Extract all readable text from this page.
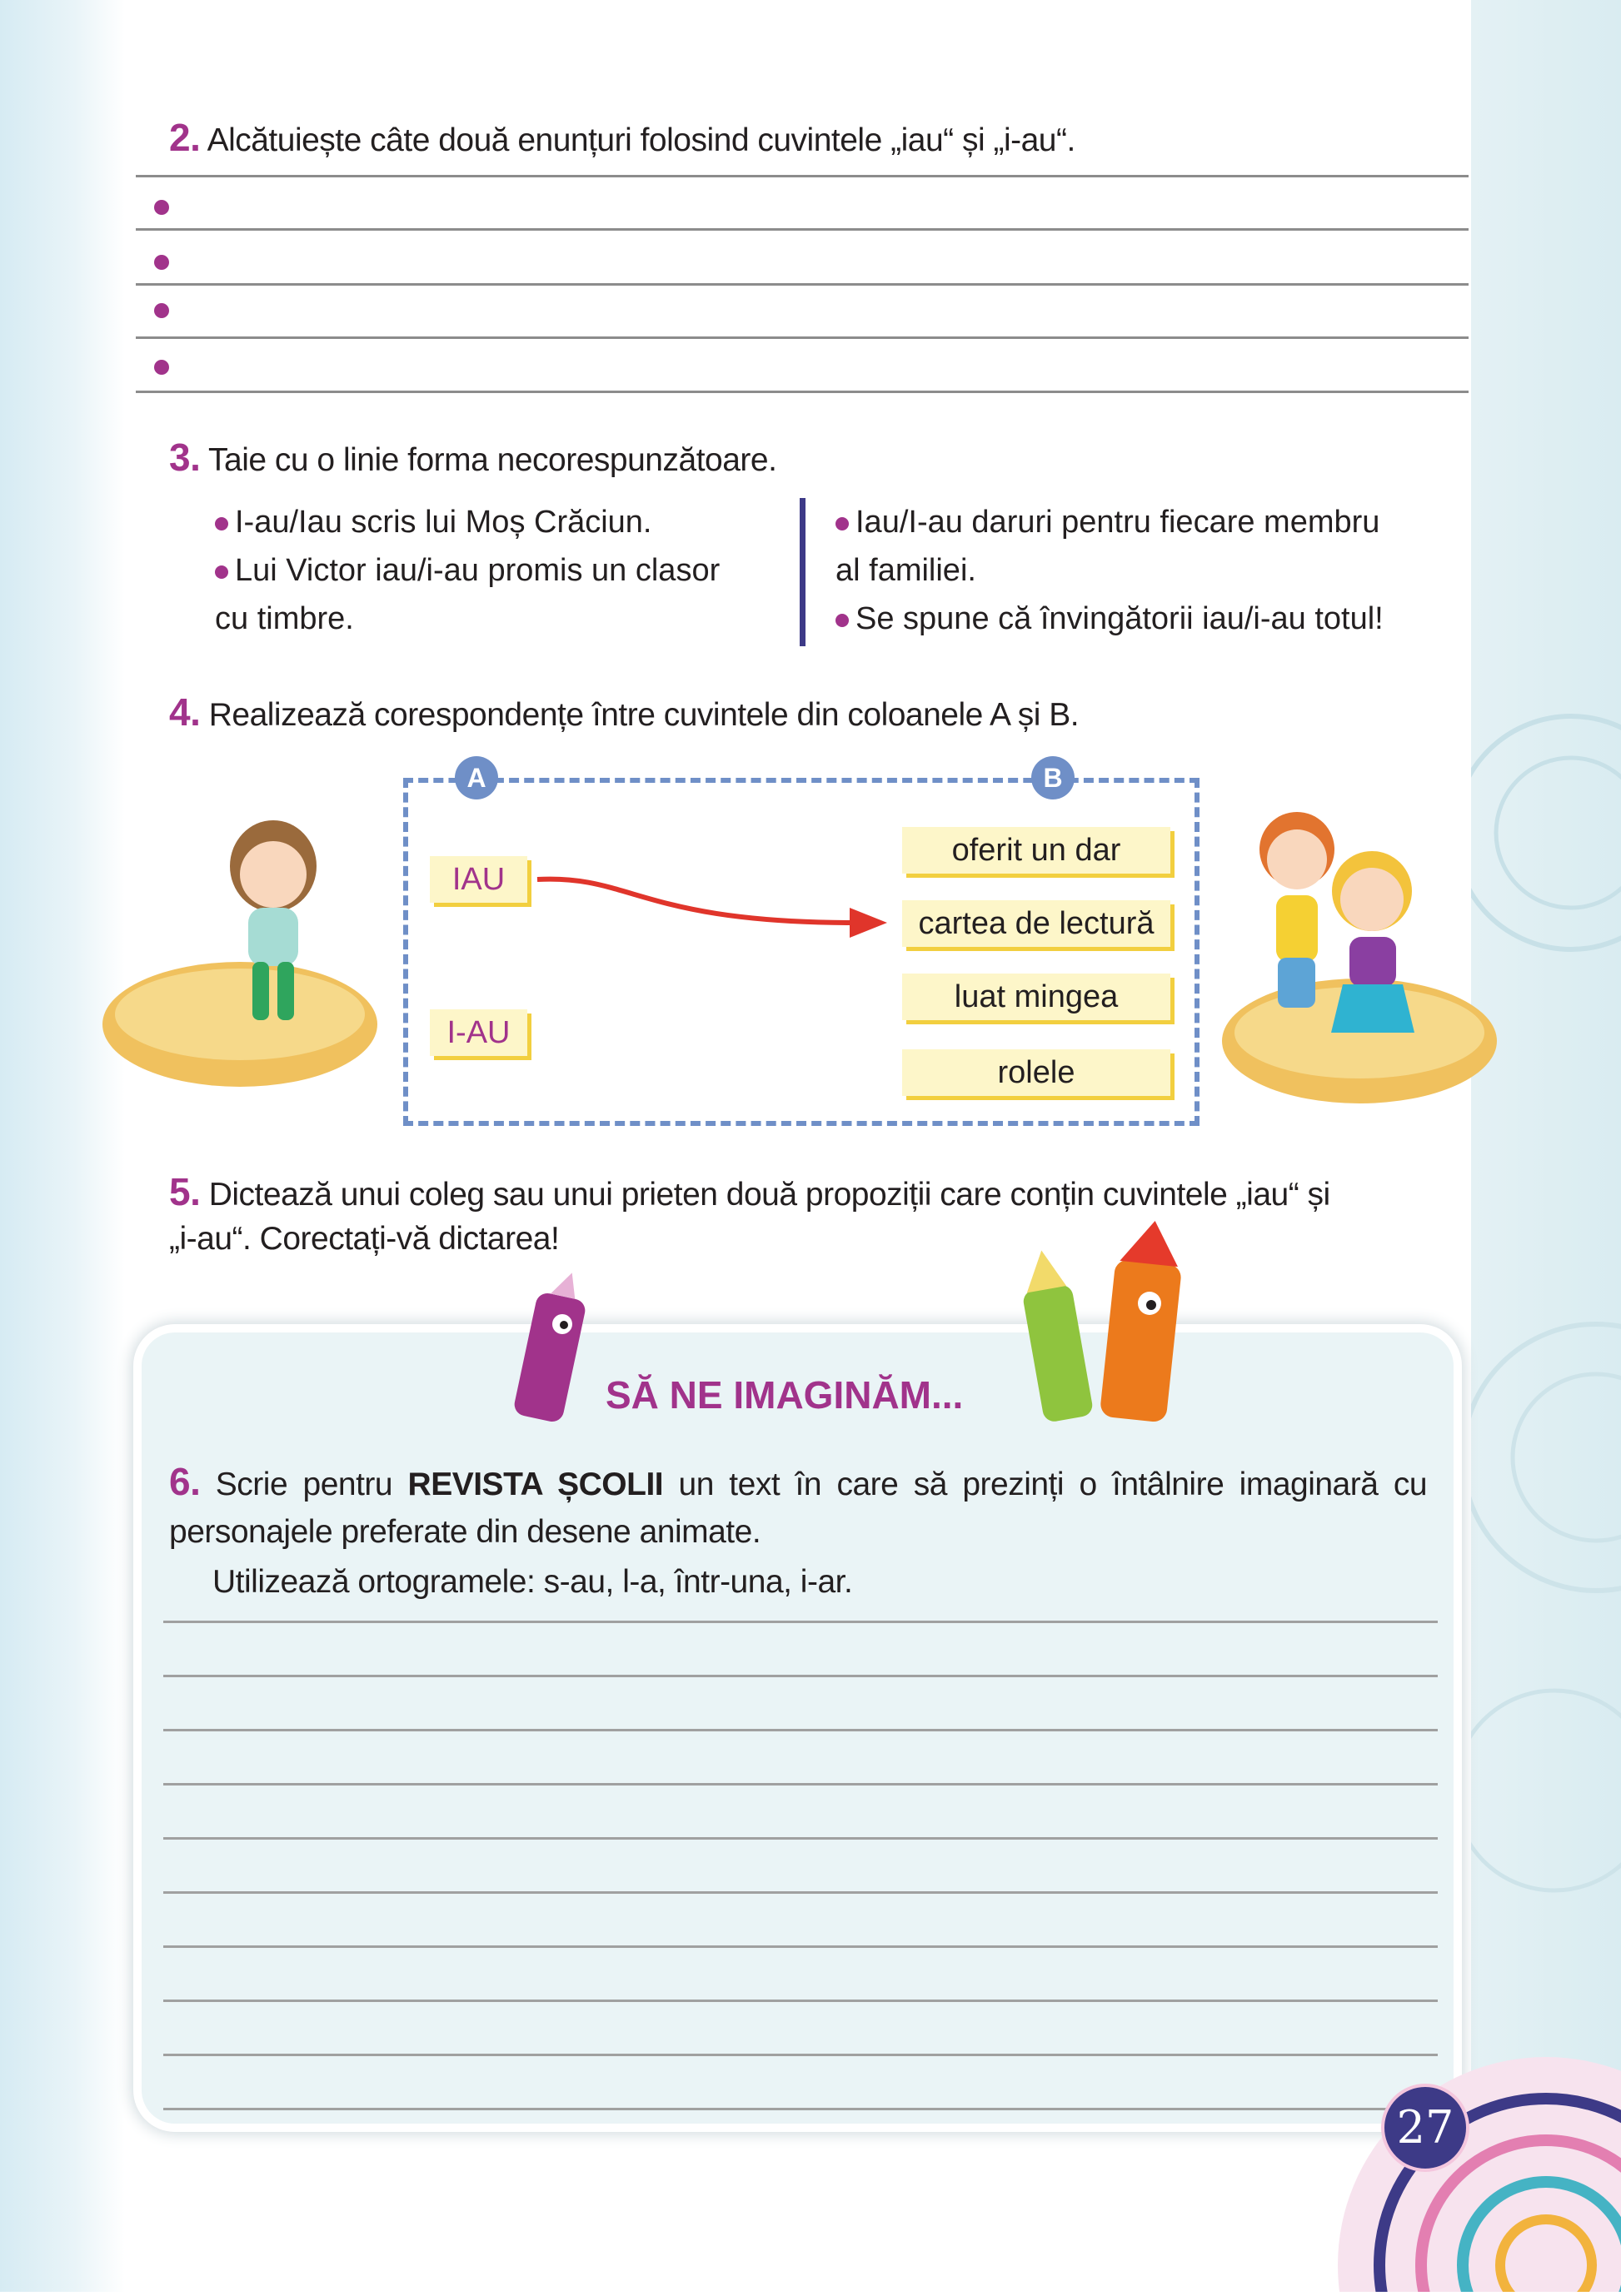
2. Alcătuiește câte două enunțuri folosind cuvintele „iau“ și „i-au“.
3. Taie cu o linie forma necorespunzătoare.
I-au/Iau scris lui Moș Crăciun.
Lui Victor iau/i-au promis un clasor
cu timbre.
Iau/I-au daruri pentru fiecare membru
al familiei.
Se spune că învingătorii iau/i-au totul!
4. Realizează corespondențe între cuvintele din coloanele A și B.
A	B
IAU
I-AU
oferit un dar
cartea de lectură
luat mingea
rolele
5. Dictează unui coleg sau unui prieten două propoziții care conțin cuvintele „iau“ și
„i-au“. Corectați-vă dictarea!
SĂ NE IMAGINĂM...
6. Scrie pentru REVISTA ȘCOLII un text în care să prezinți o întâlnire imaginară cu
personajele preferate din desene animate.
Utilizează ortogramele: s-au, l-a, într-una, i-ar.
27
